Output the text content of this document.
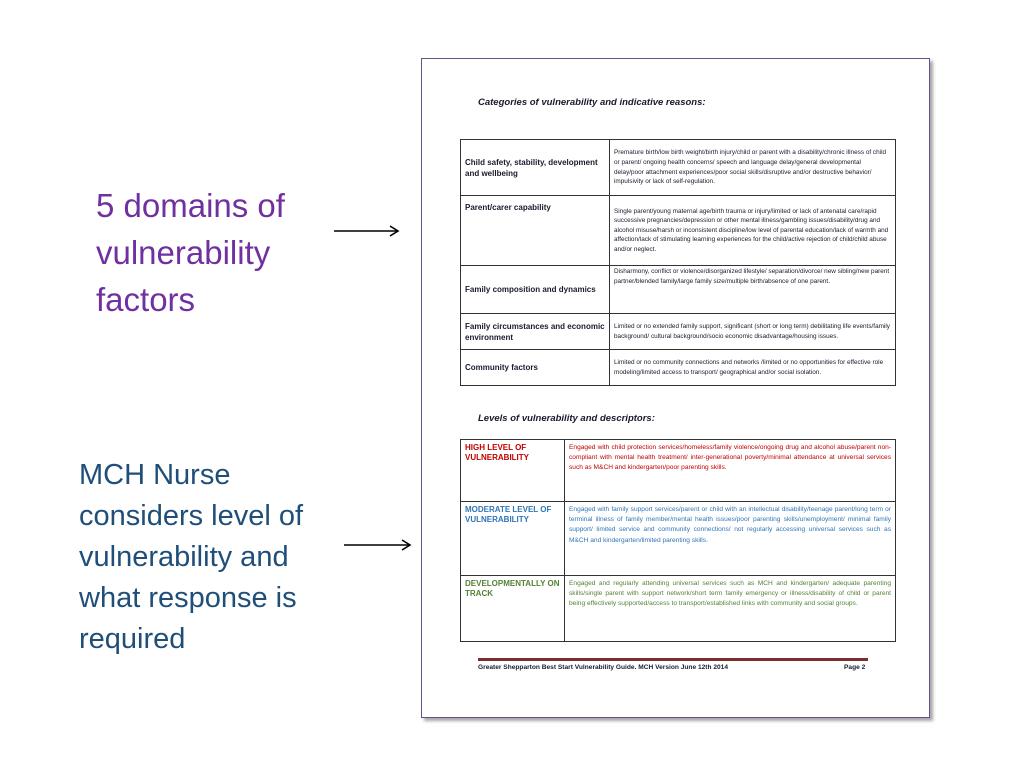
5 domains of
vulnerability
factors
MCH Nurse
considers level of
vulnerability and
what response is
required
Categories of vulnerability and indicative reasons:
Child safety, stability, development and wellbeing	Premature birth/low birth weight/birth injury/child or parent with a disability/chronic illness of child or parent/ ongoing health concerns/ speech and language delay/general developmental delay/poor attachment experiences/poor social skills/disruptive and/or destructive behavior/ impulsivity or lack of self-regulation.
Parent/carer capability	Single parent/young maternal age/birth trauma or injury/limited or lack of antenatal care/rapid successive pregnancies/depression or other mental illness/gambling issues/disability/drug and alcohol misuse/harsh or inconsistent discipline/low level of parental education/lack of warmth and affection/lack of stimulating learning experiences for the child/active rejection of child/child abuse and/or neglect.
Family composition and dynamics	Disharmony, conflict or violence/disorganized lifestyle/ separation/divorce/ new sibling/new parent partner/blended family/large family size/multiple birth/absence of one parent.
Family circumstances and economic environment	Limited or no extended family support, significant (short or long term) debilitating life events/family background/ cultural background/socio economic disadvantage/housing issues.
Community factors	Limited or no community connections and networks /limited or no opportunities for effective role modeling/limited access to transport/ geographical and/or social isolation.
Levels of vulnerability and descriptors:
HIGH LEVEL OF VULNERABILITY	Engaged with child protection services/homeless/family violence/ongoing drug and alcohol abuse/parent non-compliant with mental health treatment/ inter-generational poverty/minimal attendance at universal services such as M&CH and kindergarten/poor parenting skills.
MODERATE LEVEL OF VULNERABILITY	Engaged with family support services/parent or child with an intellectual disability/teenage parent/long term or terminal illness of family member/mental health issues/poor parenting skills/unemployment/ minimal family support/ limited service and community connections/ not regularly accessing universal services such as M&CH and kindergarten/limited parenting skills.
DEVELOPMENTALLY ON TRACK	Engaged and regularly attending universal services such as MCH and kindergarten/ adequate parenting skills/single parent with support network/short term family emergency or illness/disability of child or parent being effectively supported/access to transport/established links with community and social groups.
Greater Shepparton Best Start Vulnerability Guide. MCH Version June 12th 2014	Page 2
